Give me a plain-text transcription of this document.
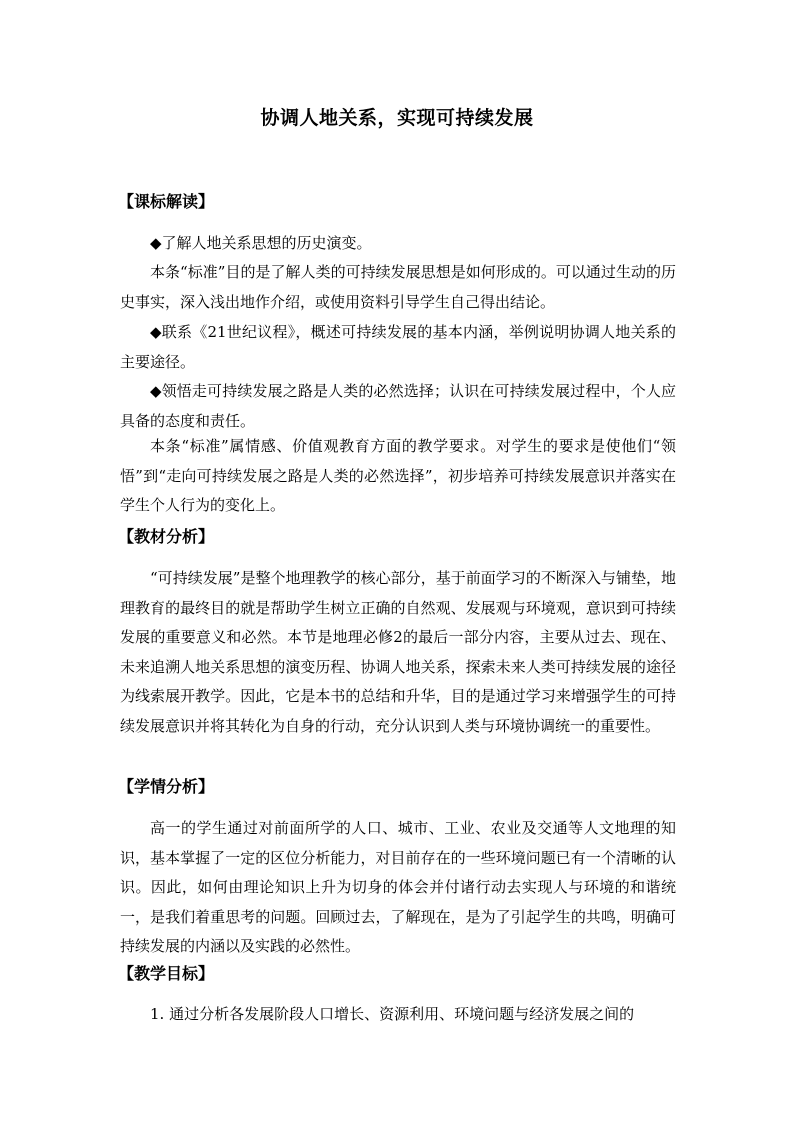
协调人地关系，实现可持续发展
【课标解读】

◆了解人地关系思想的历史演变。

本条“标准”目的是了解人类的可持续发展思想是如何形成的。可以通过生动的历史事实，深入浅出地作介绍，或使用资料引导学生自己得出结论。

◆联系《21世纪议程》，概述可持续发展的基本内涵，举例说明协调人地关系的主要途径。

◆领悟走可持续发展之路是人类的必然选择；认识在可持续发展过程中，个人应具备的态度和责任。

本条“标准”属情感、价值观教育方面的教学要求。对学生的要求是使他们“领悟”到“走向可持续发展之路是人类的必然选择”，初步培养可持续发展意识并落实在学生个人行为的变化上。

【教材分析】

“可持续发展”是整个地理教学的核心部分，基于前面学习的不断深入与铺垫，地理教育的最终目的就是帮助学生树立正确的自然观、发展观与环境观，意识到可持续发展的重要意义和必然。本节是地理必修2的最后一部分内容，主要从过去、现在、未来追溯人地关系思想的演变历程、协调人地关系，探索未来人类可持续发展的途径为线索展开教学。因此，它是本书的总结和升华，目的是通过学习来增强学生的可持续发展意识并将其转化为自身的行动，充分认识到人类与环境协调统一的重要性。

【学情分析】

高一的学生通过对前面所学的人口、城市、工业、农业及交通等人文地理的知识，基本掌握了一定的区位分析能力，对目前存在的一些环境问题已有一个清晰的认识。因此，如何由理论知识上升为切身的体会并付诸行动去实现人与环境的和谐统一，是我们着重思考的问题。回顾过去，了解现在，是为了引起学生的共鸣，明确可持续发展的内涵以及实践的必然性。

【教学目标】

1. 通过分析各发展阶段人口增长、资源利用、环境问题与经济发展之间的
